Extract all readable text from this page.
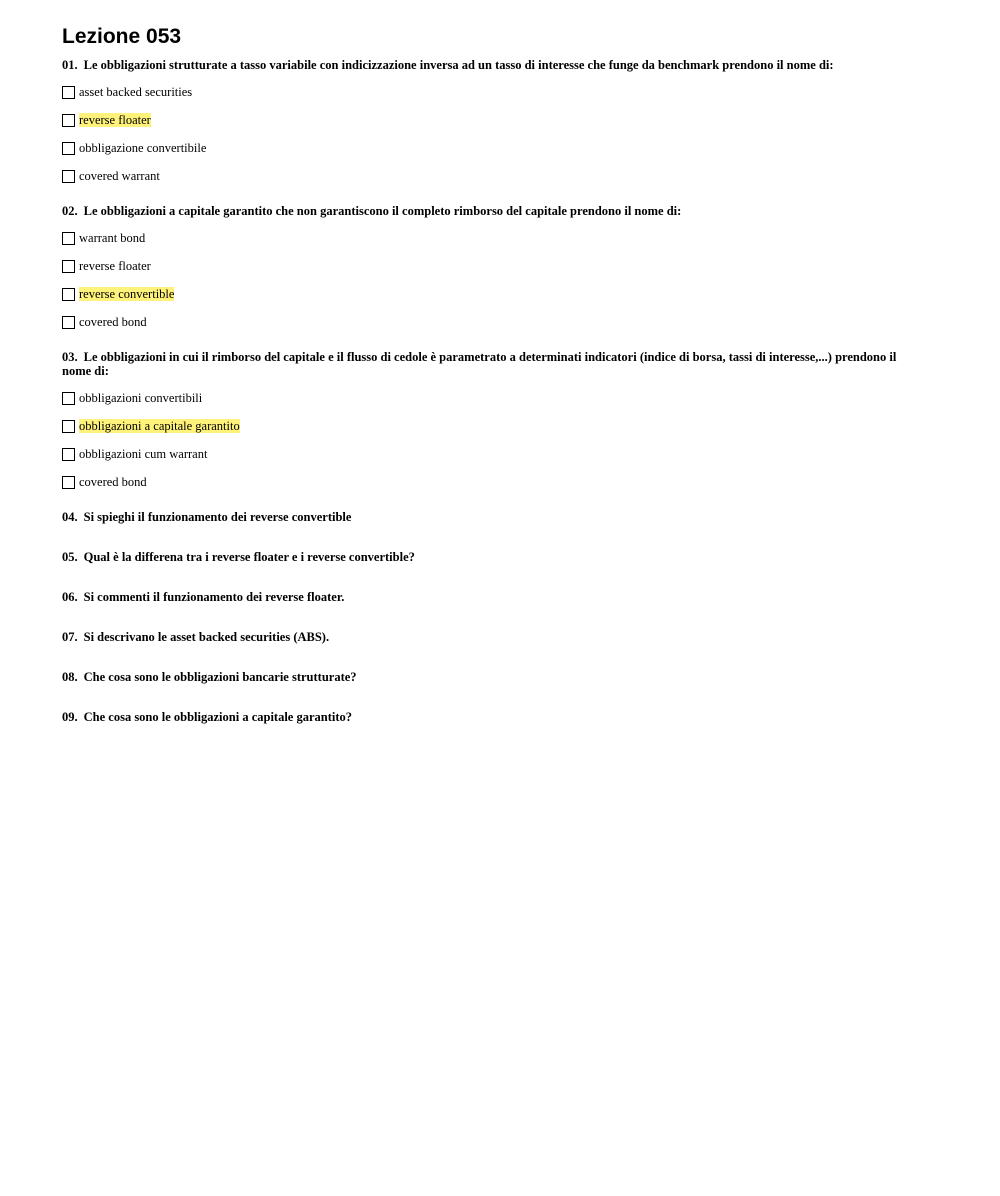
Lezione 053

01. Le obbligazioni strutturate a tasso variabile con indicizzazione inversa ad un tasso di interesse che funge da benchmark prendono il nome di:

asset backed securities
reverse floater
obbligazione convertibile
covered warrant

02. Le obbligazioni a capitale garantito che non garantiscono il completo rimborso del capitale prendono il nome di:

warrant bond
reverse floater
reverse convertible
covered bond

03. Le obbligazioni in cui il rimborso del capitale e il flusso di cedole è parametrato a determinati indicatori (indice di borsa, tassi di interesse,...) prendono il nome di:

obbligazioni convertibili
obbligazioni a capitale garantito
obbligazioni cum warrant
covered bond

04. Si spieghi il funzionamento dei reverse convertible

05. Qual è la differena tra i reverse floater e i reverse convertible?

06. Si commenti il funzionamento dei reverse floater.

07. Si descrivano le asset backed securities (ABS).

08. Che cosa sono le obbligazioni bancarie strutturate?

09. Che cosa sono le obbligazioni a capitale garantito?
